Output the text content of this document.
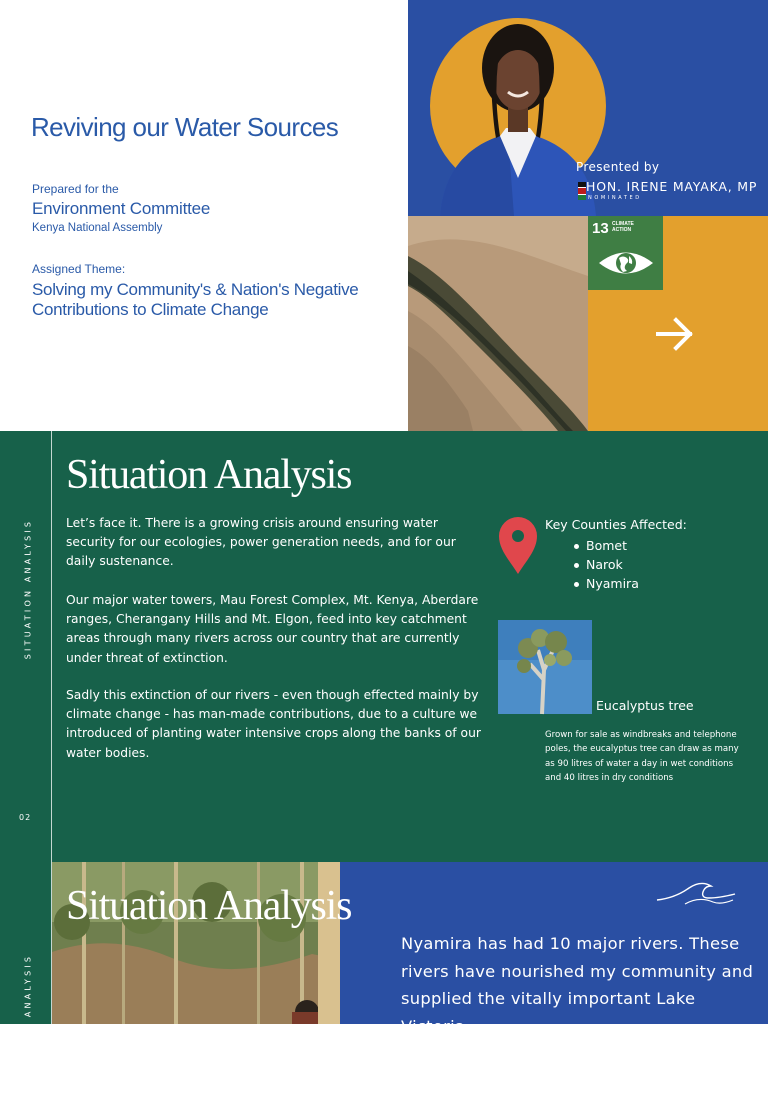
Reviving our Water Sources
Prepared for the
Environment Committee
Kenya National Assembly
Assigned Theme:
Solving my Community's & Nation's Negative Contributions to Climate Change
Presented by
HON. IRENE MAYAKA, MP
NOMINATED
13 CLIMATE ACTION
SITUATION ANALYSIS
02
Situation Analysis

Let’s face it. There is a growing crisis around ensuring water security for our ecologies, power generation needs, and for our daily sustenance.

Our major water towers, Mau Forest Complex, Mt. Kenya, Aberdare ranges, Cherangany Hills and Mt. Elgon, feed into key catchment areas through many rivers across our country that are currently under threat of extinction.

Sadly this extinction of our rivers - even though effected mainly by climate change - has man-made contributions, due to a culture we introduced of planting water intensive crops along the banks of our water bodies.

Key Counties Affected:
Bomet
Narok
Nyamira
Eucalyptus tree

Grown for sale as windbreaks and telephone poles, the eucalyptus tree can draw as many as 90 litres of water a day in wet conditions and 40 litres in dry conditions

SITUATION ANALYSIS
Situation Analysis

Nyamira has had 10 major rivers. These rivers have nourished my community and supplied the vitally important Lake Victoria
